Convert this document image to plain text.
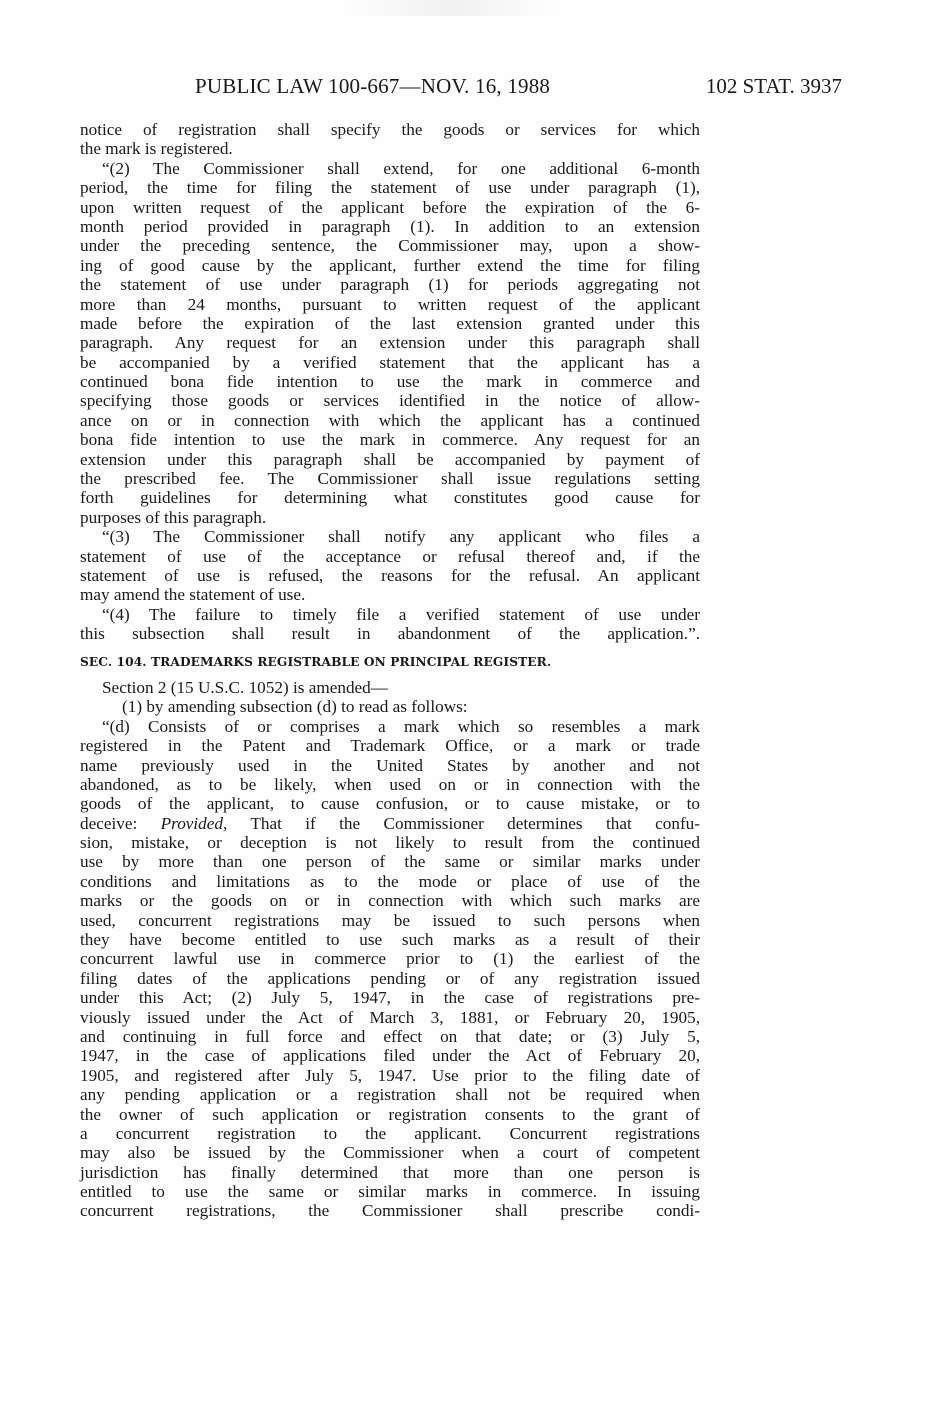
PUBLIC LAW 100-667—NOV. 16, 1988	102 STAT. 3937
notice of registration shall specify the goods or services for which
the mark is registered.
“(2) The Commissioner shall extend, for one additional 6-month
period, the time for filing the statement of use under paragraph (1),
upon written request of the applicant before the expiration of the 6-
month period provided in paragraph (1). In addition to an extension
under the preceding sentence, the Commissioner may, upon a show-
ing of good cause by the applicant, further extend the time for filing
the statement of use under paragraph (1) for periods aggregating not
more than 24 months, pursuant to written request of the applicant
made before the expiration of the last extension granted under this
paragraph. Any request for an extension under this paragraph shall
be accompanied by a verified statement that the applicant has a
continued bona fide intention to use the mark in commerce and
specifying those goods or services identified in the notice of allow-
ance on or in connection with which the applicant has a continued
bona fide intention to use the mark in commerce. Any request for an
extension under this paragraph shall be accompanied by payment of
the prescribed fee. The Commissioner shall issue regulations setting
forth guidelines for determining what constitutes good cause for
purposes of this paragraph.
“(3) The Commissioner shall notify any applicant who files a
statement of use of the acceptance or refusal thereof and, if the
statement of use is refused, the reasons for the refusal. An applicant
may amend the statement of use.
“(4) The failure to timely file a verified statement of use under
this subsection shall result in abandonment of the application.”.
SEC. 104. TRADEMARKS REGISTRABLE ON PRINCIPAL REGISTER.
Section 2 (15 U.S.C. 1052) is amended—
(1) by amending subsection (d) to read as follows:
“(d) Consists of or comprises a mark which so resembles a mark
registered in the Patent and Trademark Office, or a mark or trade
name previously used in the United States by another and not
abandoned, as to be likely, when used on or in connection with the
goods of the applicant, to cause confusion, or to cause mistake, or to
deceive: Provided, That if the Commissioner determines that confu-
sion, mistake, or deception is not likely to result from the continued
use by more than one person of the same or similar marks under
conditions and limitations as to the mode or place of use of the
marks or the goods on or in connection with which such marks are
used, concurrent registrations may be issued to such persons when
they have become entitled to use such marks as a result of their
concurrent lawful use in commerce prior to (1) the earliest of the
filing dates of the applications pending or of any registration issued
under this Act; (2) July 5, 1947, in the case of registrations pre-
viously issued under the Act of March 3, 1881, or February 20, 1905,
and continuing in full force and effect on that date; or (3) July 5,
1947, in the case of applications filed under the Act of February 20,
1905, and registered after July 5, 1947. Use prior to the filing date of
any pending application or a registration shall not be required when
the owner of such application or registration consents to the grant of
a concurrent registration to the applicant. Concurrent registrations
may also be issued by the Commissioner when a court of competent
jurisdiction has finally determined that more than one person is
entitled to use the same or similar marks in commerce. In issuing
concurrent registrations, the Commissioner shall prescribe condi-
